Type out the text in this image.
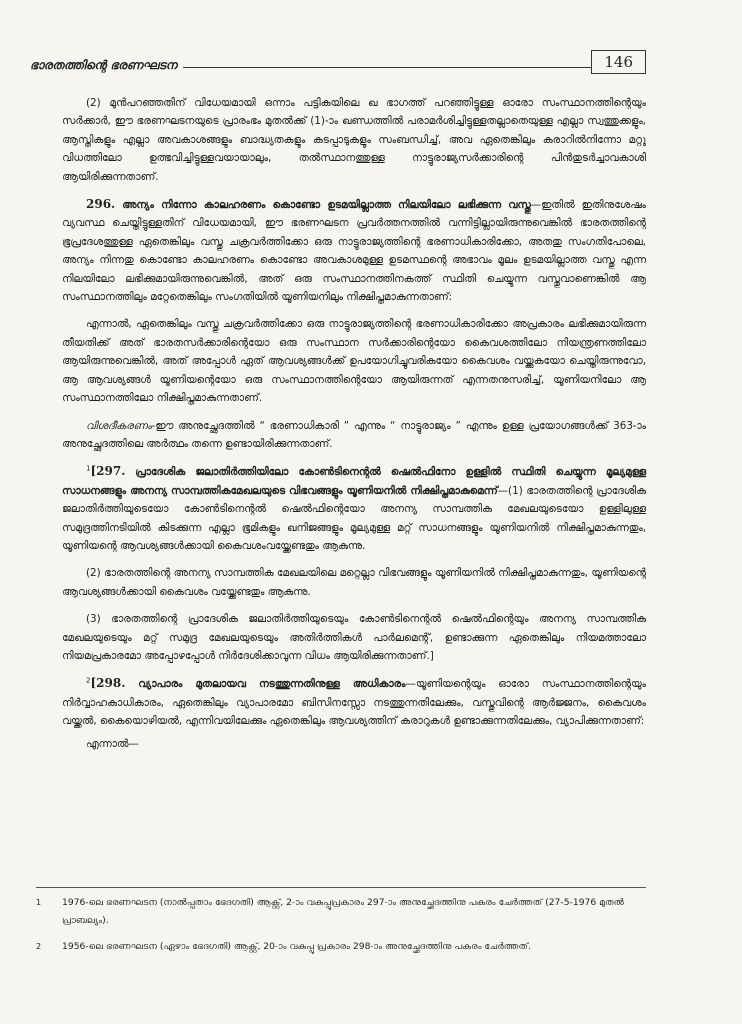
ഭാരതത്തിന്റെ ഭരണഘടന	146

(2) മുൻപറഞ്ഞതിന് വിധേയമായി ഒന്നാം പട്ടികയിലെ ഖ ഭാഗത്ത് പറഞ്ഞിട്ടുള്ള ഓരോ സംസ്ഥാനത്തിന്റെയും സർക്കാർ, ഈ ഭരണഘടനയുടെ പ്രാരംഭം മുതൽക്ക് (1)-ാം ഖണ്ഡത്തിൽ പരാമർശിച്ചിട്ടുള്ളതല്ലാതെയുള്ള എല്ലാ സ്വത്തുക്കളും, ആസ്തികളും എല്ലാ അവകാശങ്ങളും ബാദ്ധ്യതകളും കടപ്പാടുകളും സംബന്ധിച്ച്, അവ ഏതെങ്കിലും കരാറിൽനിന്നോ മറ്റു വിധത്തിലോ ഉത്ഭവിച്ചിട്ടുള്ളവയായാലും, തൽസ്ഥാനത്തുള്ള നാട്ടുരാജ്യസർക്കാരിന്റെ പിൻതുടർച്ചാവകാശി ആയിരിക്കുന്നതാണ്.

296. അന്യം നിന്നോ കാലഹരണം കൊണ്ടോ ഉടമയില്ലാത്ത നിലയിലോ ലഭിക്കുന്ന വസ്തു—ഇതിൽ ഇതിനുശേഷം വ്യവസ്ഥ ചെയ്തിട്ടുള്ളതിന് വിധേയമായി, ഈ ഭരണഘടന പ്രവർത്തനത്തിൽ വന്നിട്ടില്ലായിരുന്നുവെങ്കിൽ ഭാരതത്തിന്റെ ഭൂപ്രദേശത്തുള്ള ഏതെങ്കിലും വസ്തു ചക്രവർത്തിക്കോ ഒരു നാട്ടുരാജ്യത്തിന്റെ ഭരണാധികാരിക്കോ, അതതു സംഗതിപോലെ, അന്യം നിന്നതു കൊണ്ടോ കാലഹരണം കൊണ്ടോ അവകാശമുള്ള ഉടമസ്ഥന്റെ അഭാവം മൂലം ഉടമയില്ലാത്ത വസ്തു എന്ന നിലയിലോ ലഭിക്കുമായിരുന്നുവെങ്കിൽ, അത് ഒരു സംസ്ഥാനത്തിനകത്ത് സ്ഥിതി ചെയ്യുന്ന വസ്തുവാണെങ്കിൽ ആ സംസ്ഥാനത്തിലും മറ്റേതെങ്കിലും സംഗതിയിൽ യൂണിയനിലും നിക്ഷിപ്തമാകുന്നതാണ്:

എന്നാൽ, ഏതെങ്കിലും വസ്തു ചക്രവർത്തിക്കോ ഒരു നാട്ടുരാജ്യത്തിന്റെ ഭരണാധികാരിക്കോ അപ്രകാരം ലഭിക്കുമായിരുന്ന തീയതിക്ക് അത് ഭാരതസർക്കാരിന്റെയോ ഒരു സംസ്ഥാന സർക്കാരിന്റെയോ കൈവശത്തിലോ നിയന്ത്രണത്തിലോ ആയിരുന്നുവെങ്കിൽ, അത് അപ്പോൾ ഏത് ആവശ്യങ്ങൾക്ക് ഉപയോഗിച്ചുവരികയോ കൈവശം വയ്ക്കുകയോ ചെയ്തിരുന്നുവോ, ആ ആവശ്യങ്ങൾ യൂണിയന്റെയോ ഒരു സംസ്ഥാനത്തിന്റെയോ ആയിരുന്നത് എന്നതനുസരിച്ച്, യൂണിയനിലോ ആ സംസ്ഥാനത്തിലോ നിക്ഷിപ്തമാകുന്നതാണ്.

വിശദീകരണം-ഈ അനുച്ഛേദത്തിൽ “ ഭരണാധികാരി ” എന്നും “ നാട്ടുരാജ്യം ” എന്നും ഉള്ള പ്രയോഗങ്ങൾക്ക് 363-ാം അനുച്ഛേദത്തിലെ അർത്ഥം തന്നെ ഉണ്ടായിരിക്കുന്നതാണ്.

$^1$[297. പ്രാദേശിക ജലാതിർത്തിയിലോ കോൺടിനെന്റൽ ഷെൽഫിനോ ഉള്ളിൽ സ്ഥിതി ചെയ്യുന്ന മൂല്യമുള്ള സാധനങ്ങളും അനന്യ സാമ്പത്തികമേഖലയുടെ വിഭവങ്ങളും യൂണിയനിൽ നിക്ഷിപ്തമാകുമെന്ന്—(1) ഭാരതത്തിന്റെ പ്രാദേശിക ജലാതിർത്തിയുടെയോ കോൺടിനെന്റൽ ഷെൽഫിന്റെയോ അനന്യ സാമ്പത്തിക മേഖലയുടെയോ ഉള്ളിലുള്ള സമുദ്രത്തിനടിയിൽ കിടക്കുന്ന എല്ലാ ഭൂമികളും ഖനിജങ്ങളും മൂല്യമുള്ള മറ്റ് സാധനങ്ങളും യൂണിയനിൽ നിക്ഷിപ്തമാകുന്നതും, യൂണിയന്റെ ആവശ്യങ്ങൾക്കായി കൈവശംവയ്ക്കേണ്ടതും ആകുന്നു.

(2) ഭാരതത്തിന്റെ അനന്യ സാമ്പത്തിക മേഖലയിലെ മറ്റെല്ലാ വിഭവങ്ങളും യൂണിയനിൽ നിക്ഷിപ്തമാകുന്നതും, യൂണിയന്റെ ആവശ്യങ്ങൾക്കായി കൈവശം വയ്ക്കേണ്ടതും ആകുന്നു.

(3) ഭാരതത്തിന്റെ പ്രാദേശിക ജലാതിർത്തിയുടെയും കോൺടിനെന്റൽ ഷെൽഫിന്റെയും അനന്യ സാമ്പത്തിക മേഖലയുടെയും മറ്റ് സമുദ്ര മേഖലയുടെയും അതിർത്തികൾ പാർലമെന്റ്, ഉണ്ടാക്കുന്ന ഏതെങ്കിലും നിയമത്താലോ നിയമപ്രകാരമോ അപ്പോഴപ്പോൾ നിർദേശിക്കാവുന്ന വിധം ആയിരിക്കുന്നതാണ്.]

$^2$[298. വ്യാപാരം മുതലായവ നടത്തുന്നതിനുള്ള അധികാരം—യൂണിയന്റെയും ഓരോ സംസ്ഥാനത്തിന്റെയും നിർവ്വാഹകാധികാരം, ഏതെങ്കിലും വ്യാപാരമോ ബിസിനസ്സോ നടത്തുന്നതിലേക്കും, വസ്തുവിന്റെ ആർജ്ജനം, കൈവശം വയ്ക്കൽ, കൈയൊഴിയൽ, എന്നിവയിലേക്കും ഏതെങ്കിലും ആവശ്യത്തിന് കരാറുകൾ ഉണ്ടാക്കുന്നതിലേക്കും, വ്യാപിക്കുന്നതാണ്:

എന്നാൽ—

1	1976-ലെ ഭരണഘടന (നാൽപ്പതാം ഭേദഗതി) ആക്റ്റ്, 2-ാം വകുപ്പുപ്രകാരം 297-ാം അനുച്ഛേദത്തിനു പകരം ചേർത്തത് (27-5-1976 മുതൽ പ്രാബല്യം).
2	1956-ലെ ഭരണഘടന (ഏഴാം ഭേദഗതി) ആക്റ്റ്, 20-ാം വകുപ്പു പ്രകാരം 298-ാം അനുച്ഛേദത്തിനു പകരം ചേർത്തത്.
